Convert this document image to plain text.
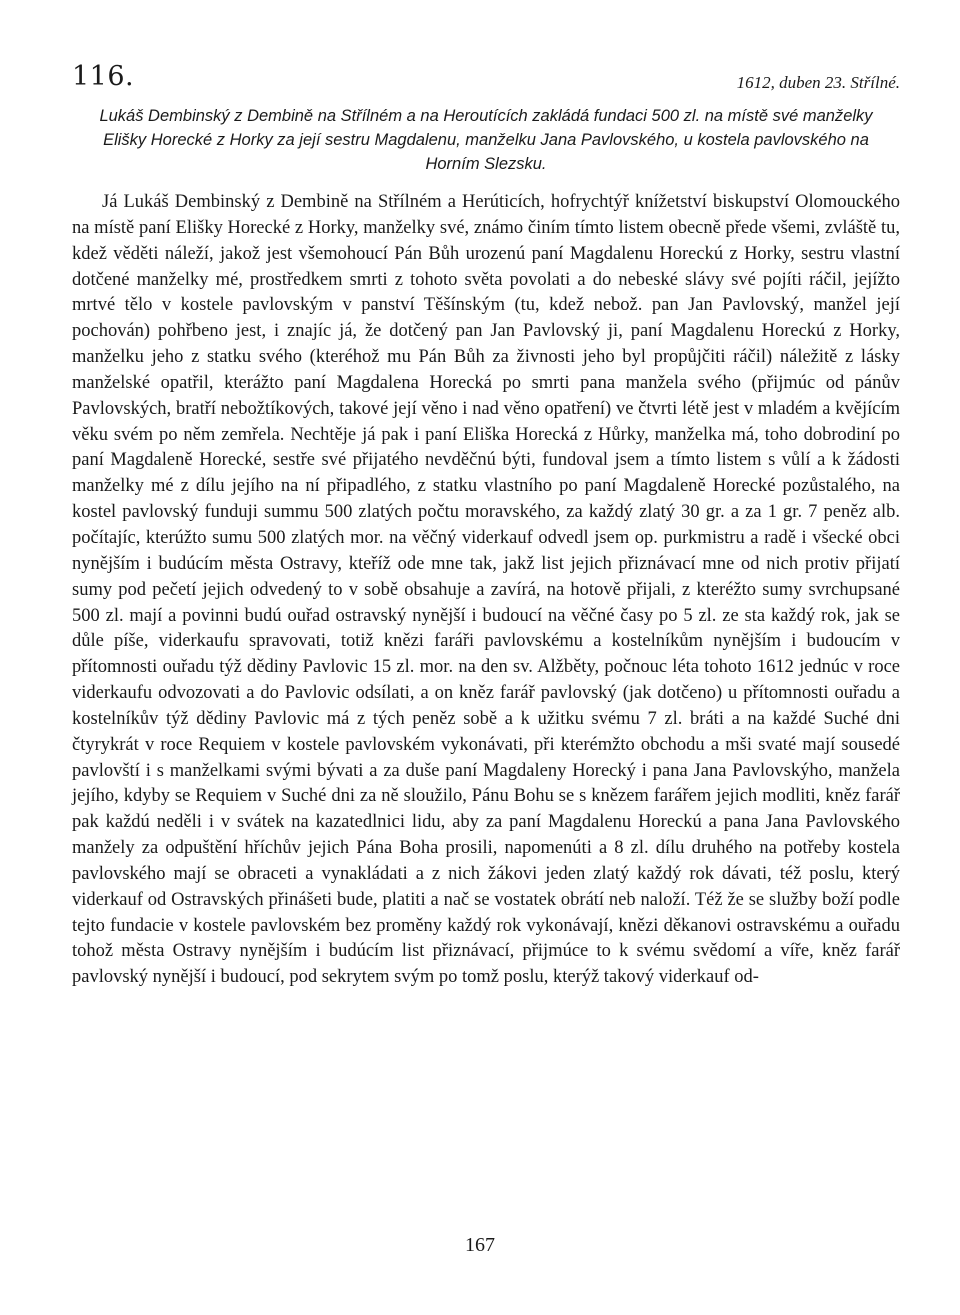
116.	1612, duben 23. Střílné.

Lukáš Dembinský z Dembině na Střílném a na Heroutících zakládá fundaci 500 zl. na místě své manželky Elišky Horecké z Horky za její sestru Magdalenu, manželku Jana Pavlovského, u kostela pavlovského na Horním Slezsku.

Já Lukáš Dembinský z Dembině na Střílném a Herúticích, hofrychtýř knížetství biskupství Olomouckého na místě paní Elišky Horecké z Horky, manželky své, známo činím tímto listem obecně přede všemi, zvláště tu, kdež věděti náleží, jakož jest všemohoucí Pán Bůh urozenú paní Magdalenu Horeckú z Horky, sestru vlastní dotčené manželky mé, prostředkem smrti z tohoto světa povolati a do nebeské slávy své pojíti ráčil, jejížto mrtvé tělo v kostele pavlovským v panství Těšínským (tu, kdež nebož. pan Jan Pavlovský, manžel její pochován) pohřbeno jest, i znajíc já, že dotčený pan Jan Pavlovský ji, paní Magdalenu Horeckú z Horky, manželku jeho z statku svého (kteréhož mu Pán Bůh za živnosti jeho byl propůjčiti ráčil) náležitě z lásky manželské opatřil, kterážto paní Magdalena Horecká po smrti pana manžela svého (přijmúc od pánův Pavlovských, bratří nebožtíkových, takové její věno i nad věno opatření) ve čtvrti létě jest v mladém a kvějícím věku svém po něm zemřela. Nechtěje já pak i paní Eliška Horecká z Hůrky, manželka má, toho dobrodiní po paní Magdaleně Horecké, sestře své přijatého nevděčnú býti, fundoval jsem a tímto listem s vůlí a k žádosti manželky mé z dílu jejího na ní připadlého, z statku vlastního po paní Magdaleně Horecké pozůstalého, na kostel pavlovský funduji summu 500 zlatých počtu moravského, za každý zlatý 30 gr. a za 1 gr. 7 peněz alb. počítajíc, kterúžto sumu 500 zlatých mor. na věčný viderkauf odvedl jsem op. purkmistru a radě i všecké obci nynějším i budúcím města Ostravy, kteříž ode mne tak, jakž list jejich přiznávací mne od nich protiv přijatí sumy pod pečetí jejich odvedený to v sobě obsahuje a zavírá, na hotově přijali, z kteréžto sumy svrchupsané 500 zl. mají a povinni budú ouřad ostravský nynější i budoucí na věčné časy po 5 zl. ze sta každý rok, jak se důle píše, viderkaufu spravovati, totiž knězi faráři pavlovskému a kostelníkům nynějším i budoucím v přítomnosti ouřadu týž dědiny Pavlovic 15 zl. mor. na den sv. Alžběty, počnouc léta tohoto 1612 jednúc v roce viderkaufu odvozovati a do Pavlovic odsílati, a on kněz farář pavlovský (jak dotčeno) u přítomnosti ouřadu a kostelníkův týž dědiny Pavlovic má z tých peněz sobě a k užitku svému 7 zl. bráti a na každé Suché dni čtyrykrát v roce Requiem v kostele pavlovském vykonávati, při kterémžto obchodu a mši svaté mají sousedé pavlovští i s manželkami svými bývati a za duše paní Magdaleny Horecký i pana Jana Pavlovskýho, manžela jejího, kdyby se Requiem v Suché dni za ně sloužilo, Pánu Bohu se s knězem farářem jejich modliti, kněz farář pak každú neděli i v svátek na kazatedlnici lidu, aby za paní Magdalenu Horeckú a pana Jana Pavlovského manžely za odpuštění hříchův jejich Pána Boha prosili, napomenúti a 8 zl. dílu druhého na potřeby kostela pavlovského mají se obraceti a vynakládati a z nich žákovi jeden zlatý každý rok dávati, též poslu, který viderkauf od Ostravských přinášeti bude, platiti a nač se vostatek obrátí neb naloží. Též že se služby boží podle tejto fundacie v kostele pavlovském bez proměny každý rok vykonávají, knězi děkanovi ostravskému a ouřadu tohož města Ostravy nynějším i budúcím list přiznávací, přijmúce to k svému svědomí a víře, kněz farář pavlovský nynější i budoucí, pod sekrytem svým po tomž poslu, kterýž takový viderkauf od-

167
